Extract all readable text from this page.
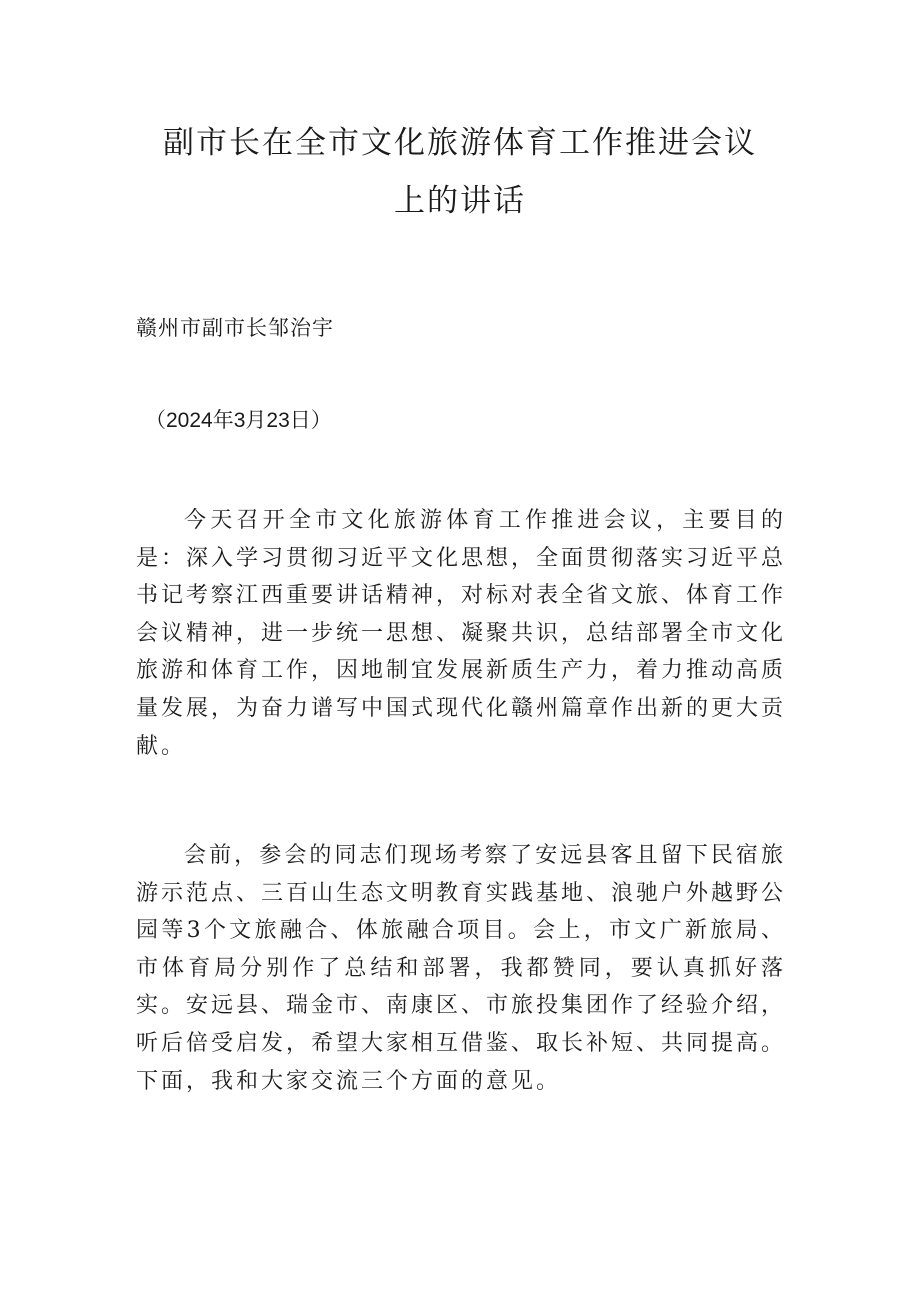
副市长在全市文化旅游体育工作推进会议
上的讲话
赣州市副市长邹治宇
（2024年3月23日）

今天召开全市文化旅游体育工作推进会议，主要目的是：深入学习贯彻习近平文化思想，全面贯彻落实习近平总书记考察江西重要讲话精神，对标对表全省文旅、体育工作会议精神，进一步统一思想、凝聚共识，总结部署全市文化旅游和体育工作，因地制宜发展新质生产力，着力推动高质量发展，为奋力谱写中国式现代化赣州篇章作出新的更大贡献。

会前，参会的同志们现场考察了安远县客且留下民宿旅游示范点、三百山生态文明教育实践基地、浪驰户外越野公园等3个文旅融合、体旅融合项目。会上，市文广新旅局、市体育局分别作了总结和部署，我都赞同，要认真抓好落实。安远县、瑞金市、南康区、市旅投集团作了经验介绍，听后倍受启发，希望大家相互借鉴、取长补短、共同提高。下面，我和大家交流三个方面的意见。
